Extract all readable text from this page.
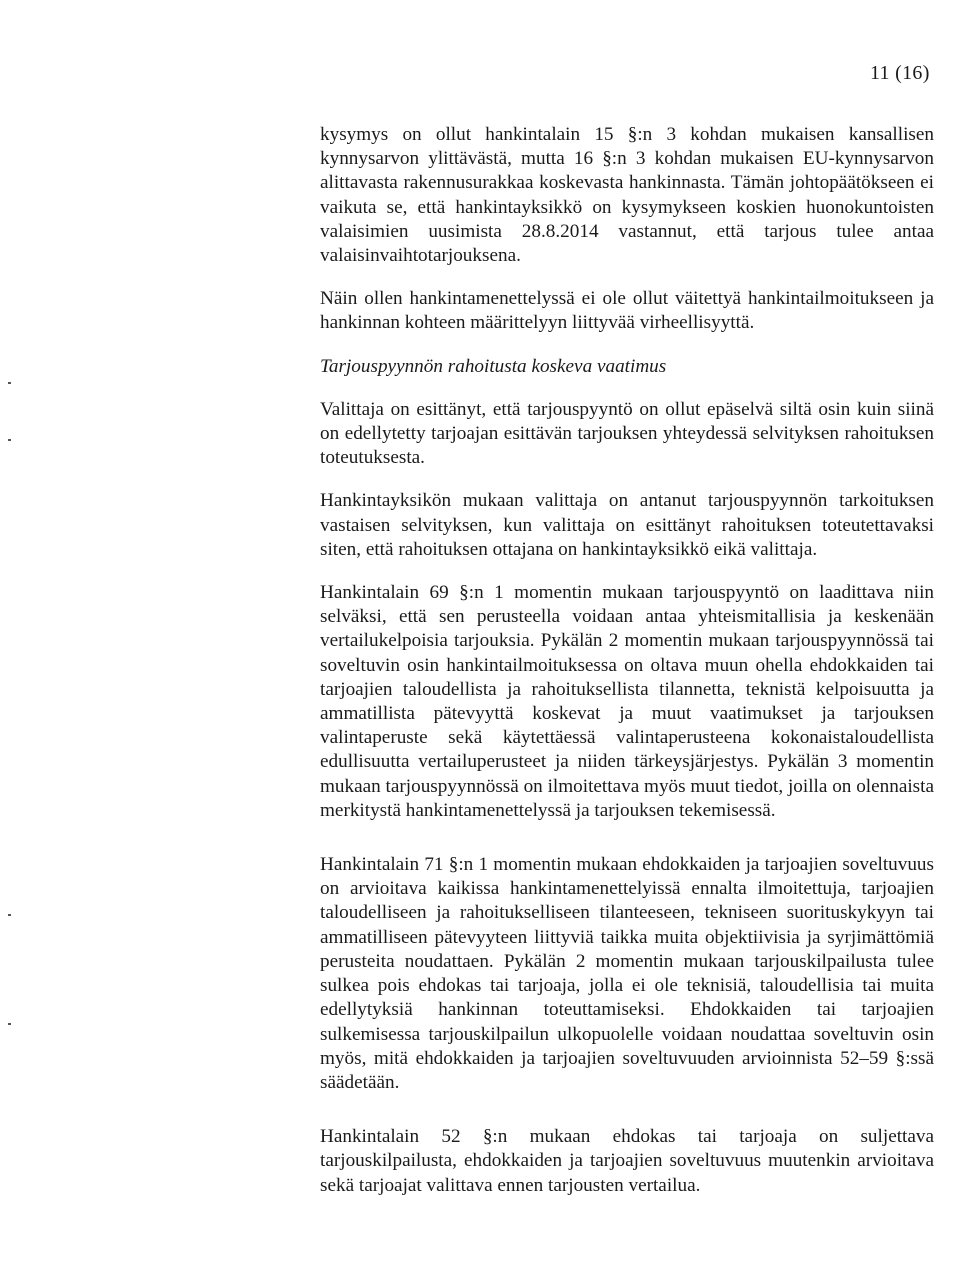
11 (16)

kysymys on ollut hankintalain 15 §:n 3 kohdan mukaisen kansallisen kynnysarvon ylittävästä, mutta 16 §:n 3 kohdan mukaisen EU-kynnysarvon alittavasta rakennusurakkaa koskevasta hankinnasta. Tämän johtopäätökseen ei vaikuta se, että hankintayksikkö on kysymykseen koskien huonokuntoisten valaisimien uusimista 28.8.2014 vastannut, että tarjous tulee antaa valaisinvaihtotarjouksena.

Näin ollen hankintamenettelyssä ei ole ollut väitettyä hankintailmoitukseen ja hankinnan kohteen määrittelyyn liittyvää virheellisyyttä.

Tarjouspyynnön rahoitusta koskeva vaatimus

Valittaja on esittänyt, että tarjouspyyntö on ollut epäselvä siltä osin kuin siinä on edellytetty tarjoajan esittävän tarjouksen yhteydessä selvityksen rahoituksen toteutuksesta.

Hankintayksikön mukaan valittaja on antanut tarjouspyynnön tarkoituksen vastaisen selvityksen, kun valittaja on esittänyt rahoituksen toteutettavaksi siten, että rahoituksen ottajana on hankintayksikkö eikä valittaja.

Hankintalain 69 §:n 1 momentin mukaan tarjouspyyntö on laadittava niin selväksi, että sen perusteella voidaan antaa yhteismitallisia ja keskenään vertailukelpoisia tarjouksia. Pykälän 2 momentin mukaan tarjouspyynnössä tai soveltuvin osin hankintailmoituksessa on oltava muun ohella ehdokkaiden tai tarjoajien taloudellista ja rahoituksellista tilannetta, teknistä kelpoisuutta ja ammatillista pätevyyttä koskevat ja muut vaatimukset ja tarjouksen valintaperuste sekä käytettäessä valintaperusteena kokonaistaloudellista edullisuutta vertailuperusteet ja niiden tärkeysjärjestys. Pykälän 3 momentin mukaan tarjouspyynnössä on ilmoitettava myös muut tiedot, joilla on olennaista merkitystä hankintamenettelyssä ja tarjouksen tekemisessä.

Hankintalain 71 §:n 1 momentin mukaan ehdokkaiden ja tarjoajien soveltuvuus on arvioitava kaikissa hankintamenettelyissä ennalta ilmoitettuja, tarjoajien taloudelliseen ja rahoitukselliseen tilanteeseen, tekniseen suorituskykyyn tai ammatilliseen pätevyyteen liittyviä taikka muita objektiivisia ja syrjimättömiä perusteita noudattaen. Pykälän 2 momentin mukaan tarjouskilpailusta tulee sulkea pois ehdokas tai tarjoaja, jolla ei ole teknisiä, taloudellisia tai muita edellytyksiä hankinnan toteuttamiseksi. Ehdokkaiden tai tarjoajien sulkemisessa tarjouskilpailun ulkopuolelle voidaan noudattaa soveltuvin osin myös, mitä ehdokkaiden ja tarjoajien soveltuvuuden arvioinnista 52–59 §:ssä säädetään.

Hankintalain 52 §:n mukaan ehdokas tai tarjoaja on suljettava tarjouskilpailusta, ehdokkaiden ja tarjoajien soveltuvuus muutenkin arvioitava sekä tarjoajat valittava ennen tarjousten vertailua.
